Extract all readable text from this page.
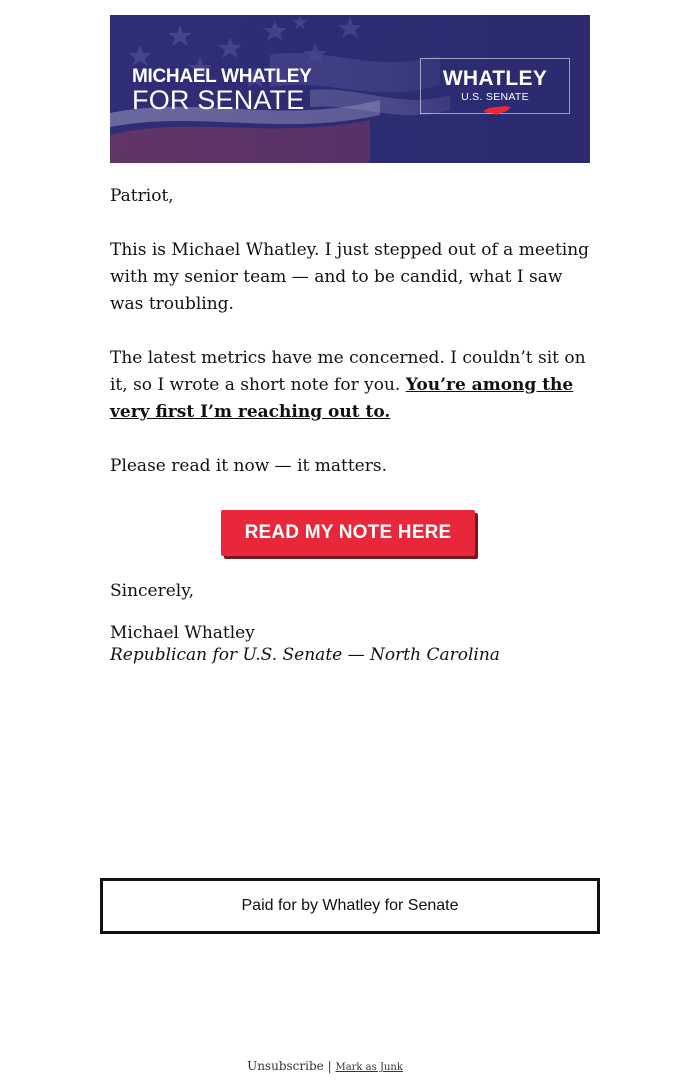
MICHAEL WHATLEY
FOR SENATE
WHATLEY
U.S. SENATE

Patriot,

This is Michael Whatley. I just stepped out of a meeting with my senior team — and to be candid, what I saw was troubling.

The latest metrics have me concerned. I couldn’t sit on it, so I wrote a short note for you. You’re among the very first I’m reaching out to.

Please read it now — it matters.

READ MY NOTE HERE
Sincerely,
Michael Whatley
Republican for U.S. Senate — North Carolina
Paid for by Whatley for Senate
Unsubscribe | Mark as Junk
